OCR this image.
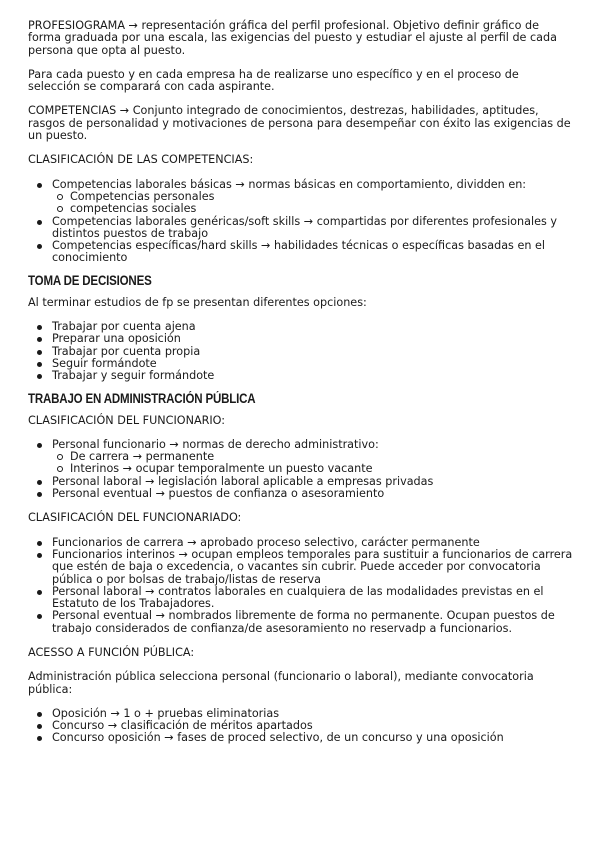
PROFESIOGRAMA → representación gráfica del perfil profesional. Objetivo definir gráfico de forma graduada por una escala, las exigencias del puesto y estudiar el ajuste al perfil de cada persona que opta al puesto.

Para cada puesto y en cada empresa ha de realizarse uno específico y en el proceso de selección se comparará con cada aspirante.

COMPETENCIAS → Conjunto integrado de conocimientos, destrezas, habilidades, aptitudes, rasgos de personalidad y motivaciones de persona para desempeñar con éxito las exigencias de un puesto.

CLASIFICACIÓN DE LAS COMPETENCIAS:

Competencias laborales básicas → normas básicas en comportamiento, dividden en:
Competencias personales
competencias sociales
Competencias laborales genéricas/soft skills → compartidas por diferentes profesionales y distintos puestos de trabajo
Competencias específicas/hard skills → habilidades técnicas o específicas basadas en el conocimiento
TOMA DE DECISIONES

Al terminar estudios de fp se presentan diferentes opciones:

Trabajar por cuenta ajena
Preparar una oposición
Trabajar por cuenta propia
Seguir formándote
Trabajar y seguir formándote
TRABAJO EN ADMINISTRACIÓN PÚBLICA

CLASIFICACIÓN DEL FUNCIONARIO:

Personal funcionario → normas de derecho administrativo:
De carrera → permanente
Interinos → ocupar temporalmente un puesto vacante
Personal laboral → legislación laboral aplicable a empresas privadas
Personal eventual → puestos de confianza o asesoramiento

CLASIFICACIÓN DEL FUNCIONARIADO:

Funcionarios de carrera → aprobado proceso selectivo, carácter permanente
Funcionarios interinos → ocupan empleos temporales para sustituir a funcionarios de carrera que estén de baja o excedencia, o vacantes sin cubrir. Puede acceder por convocatoria pública o por bolsas de trabajo/listas de reserva
Personal laboral → contratos laborales en cualquiera de las modalidades previstas en el Estatuto de los Trabajadores.
Personal eventual → nombrados libremente de forma no permanente. Ocupan puestos de trabajo considerados de confianza/de asesoramiento no reservadp a funcionarios.

ACESSO A FUNCIÓN PÚBLICA:

Administración pública selecciona personal (funcionario o laboral), mediante convocatoria pública:

Oposición → 1 o + pruebas eliminatorias
Concurso → clasificación de méritos apartados
Concurso oposición → fases de proced selectivo, de un concurso y una oposición
